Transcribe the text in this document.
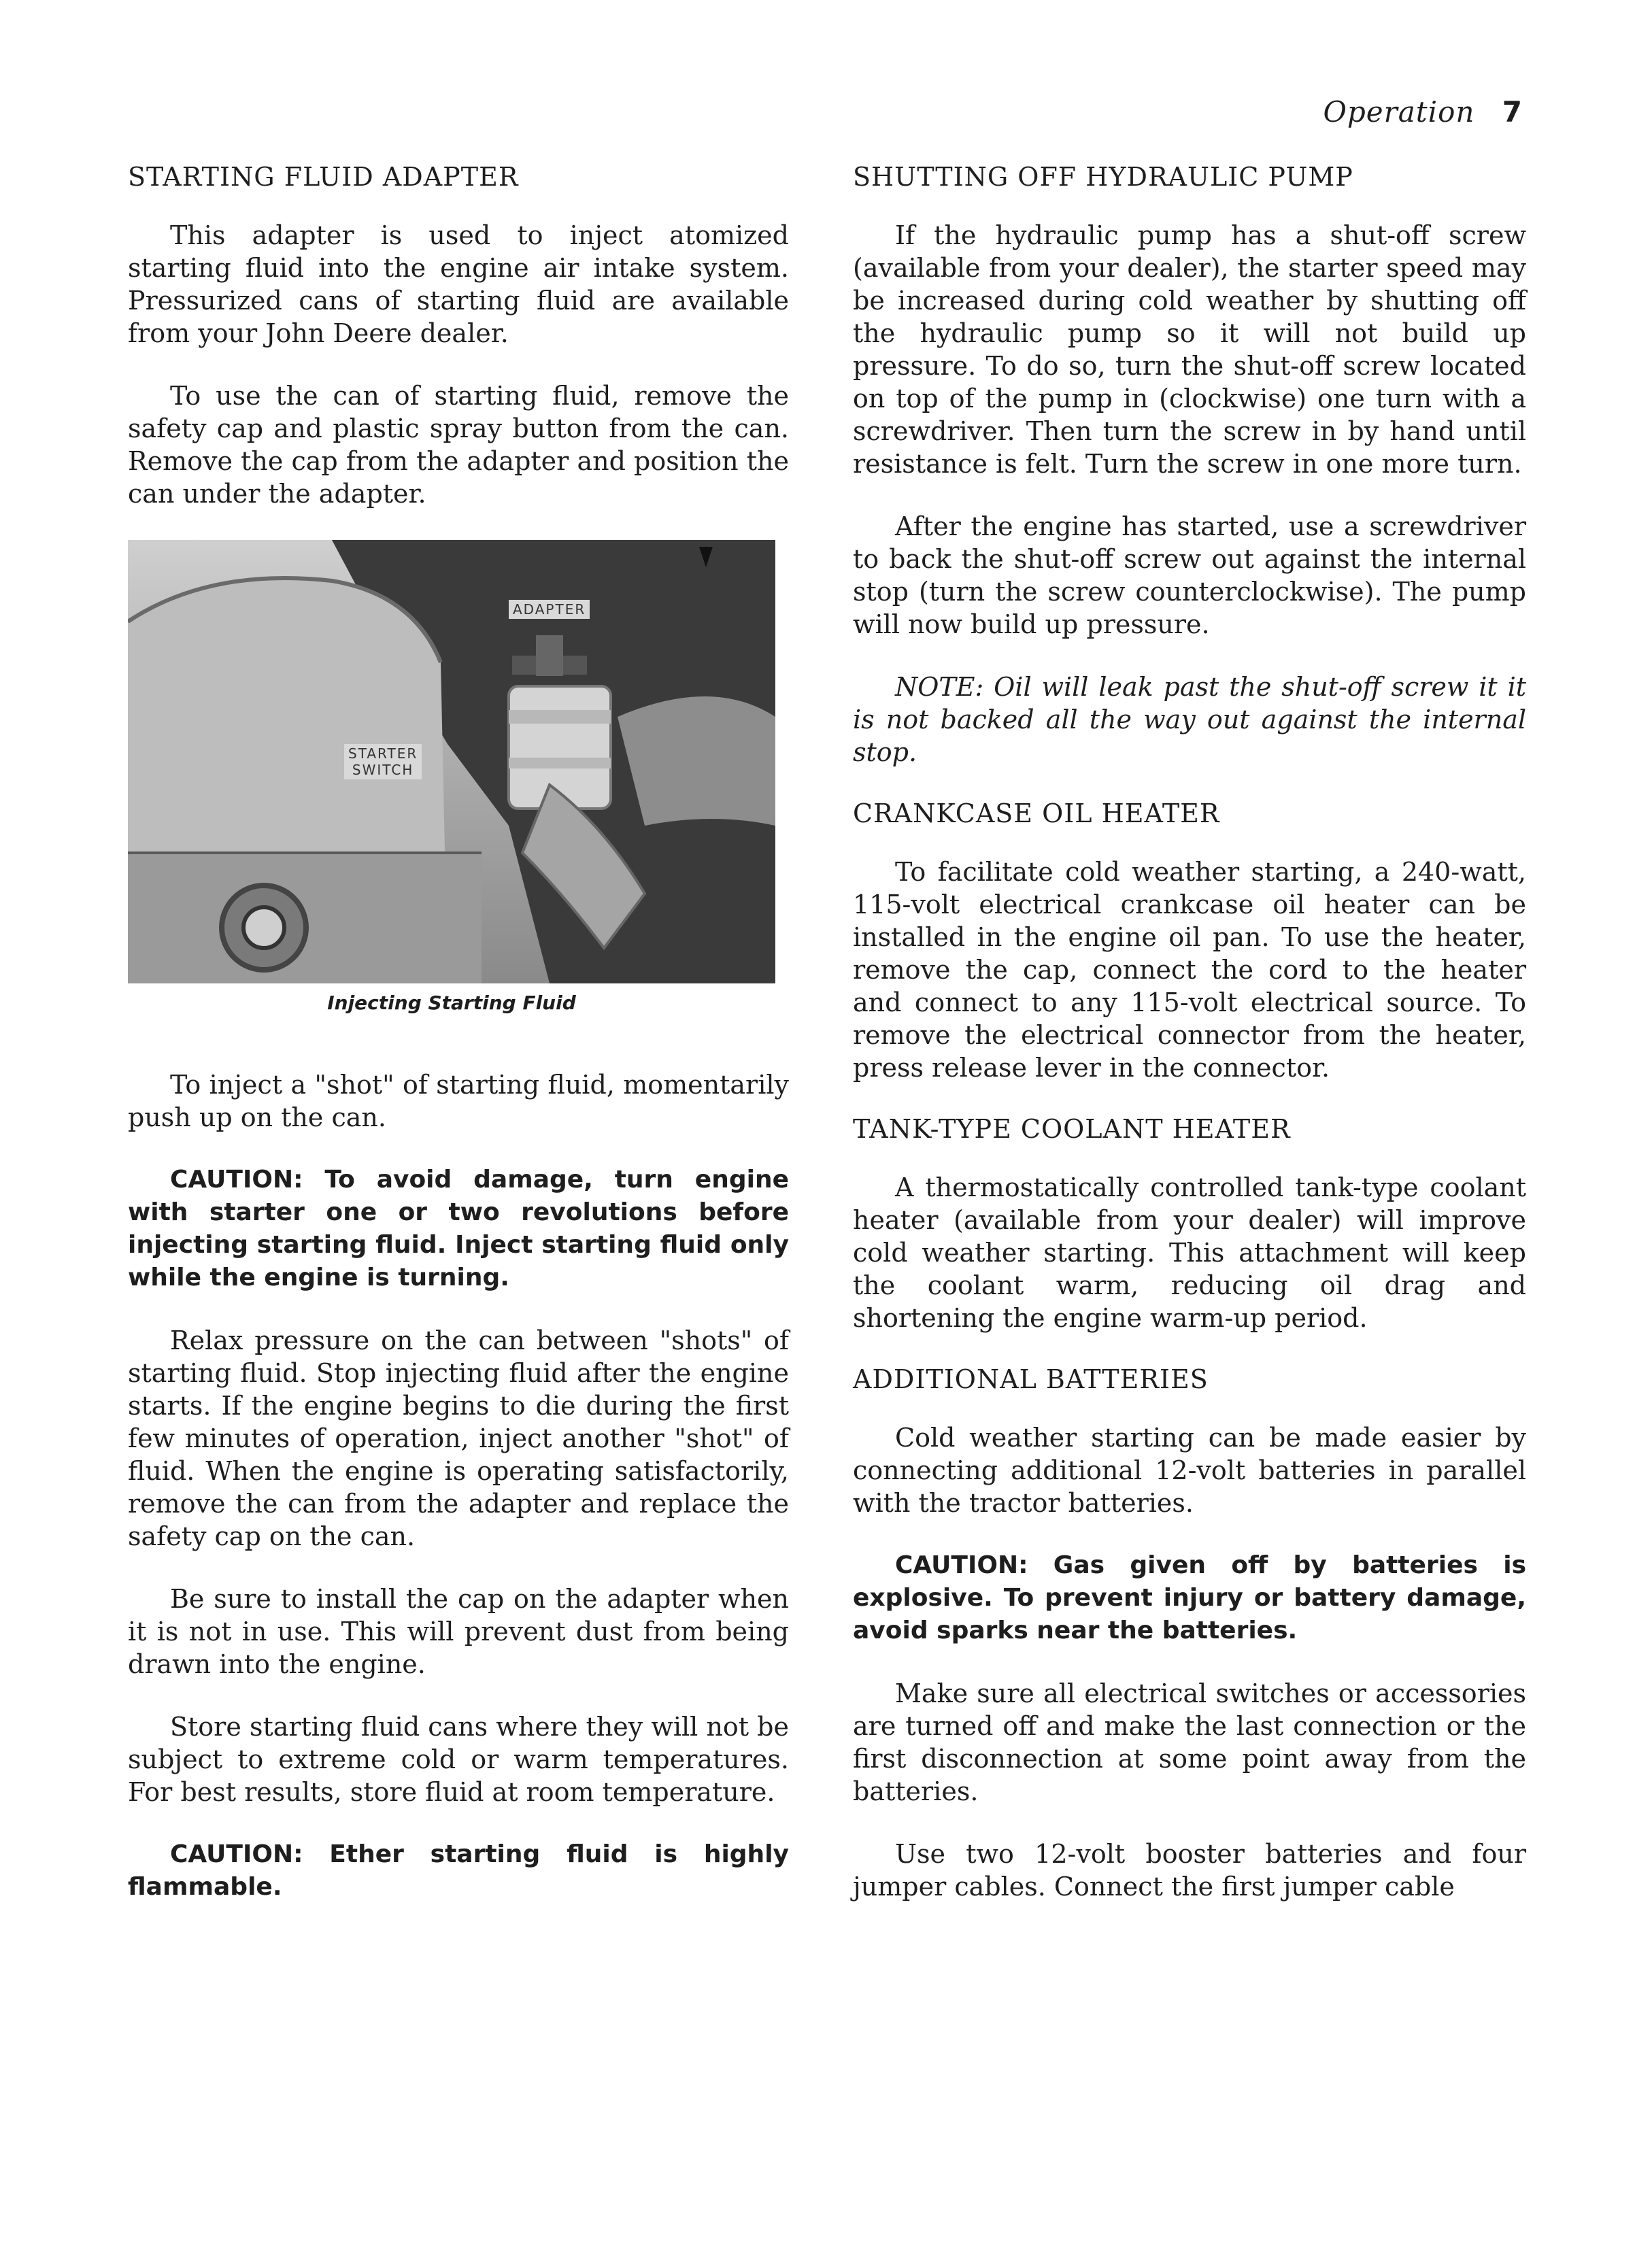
Operation 7
STARTING FLUID ADAPTER

This adapter is used to inject atomized starting fluid into the engine air intake system. Pressurized cans of starting fluid are available from your John Deere dealer.

To use the can of starting fluid, remove the safety cap and plastic spray button from the can. Remove the cap from the adapter and position the can under the adapter.

ADAPTER
STARTER
SWITCH
Injecting Starting Fluid

To inject a "shot" of starting fluid, momentarily push up on the can.

CAUTION: To avoid damage, turn engine with starter one or two revolutions before injecting starting fluid. Inject starting fluid only while the engine is turning.

Relax pressure on the can between "shots" of starting fluid. Stop injecting fluid after the engine starts. If the engine begins to die during the first few minutes of operation, inject another "shot" of fluid. When the engine is operating satisfactorily, remove the can from the adapter and replace the safety cap on the can.

Be sure to install the cap on the adapter when it is not in use. This will prevent dust from being drawn into the engine.

Store starting fluid cans where they will not be subject to extreme cold or warm temperatures. For best results, store fluid at room temperature.

CAUTION: Ether starting fluid is highly flammable.

SHUTTING OFF HYDRAULIC PUMP

If the hydraulic pump has a shut-off screw (available from your dealer), the starter speed may be increased during cold weather by shutting off the hydraulic pump so it will not build up pressure. To do so, turn the shut-off screw located on top of the pump in (clockwise) one turn with a screwdriver. Then turn the screw in by hand until resistance is felt. Turn the screw in one more turn.

After the engine has started, use a screwdriver to back the shut-off screw out against the internal stop (turn the screw counterclockwise). The pump will now build up pressure.

NOTE: Oil will leak past the shut-off screw it it is not backed all the way out against the internal stop.

CRANKCASE OIL HEATER

To facilitate cold weather starting, a 240-watt, 115-volt electrical crankcase oil heater can be installed in the engine oil pan. To use the heater, remove the cap, connect the cord to the heater and connect to any 115-volt electrical source. To remove the electrical connector from the heater, press release lever in the connector.

TANK-TYPE COOLANT HEATER

A thermostatically controlled tank-type coolant heater (available from your dealer) will improve cold weather starting. This attachment will keep the coolant warm, reducing oil drag and shortening the engine warm-up period.

ADDITIONAL BATTERIES

Cold weather starting can be made easier by connecting additional 12-volt batteries in parallel with the tractor batteries.

CAUTION: Gas given off by batteries is explosive. To prevent injury or battery damage, avoid sparks near the batteries.

Make sure all electrical switches or accessories are turned off and make the last connection or the first disconnection at some point away from the batteries.

Use two 12-volt booster batteries and four jumper cables. Connect the first jumper cable
